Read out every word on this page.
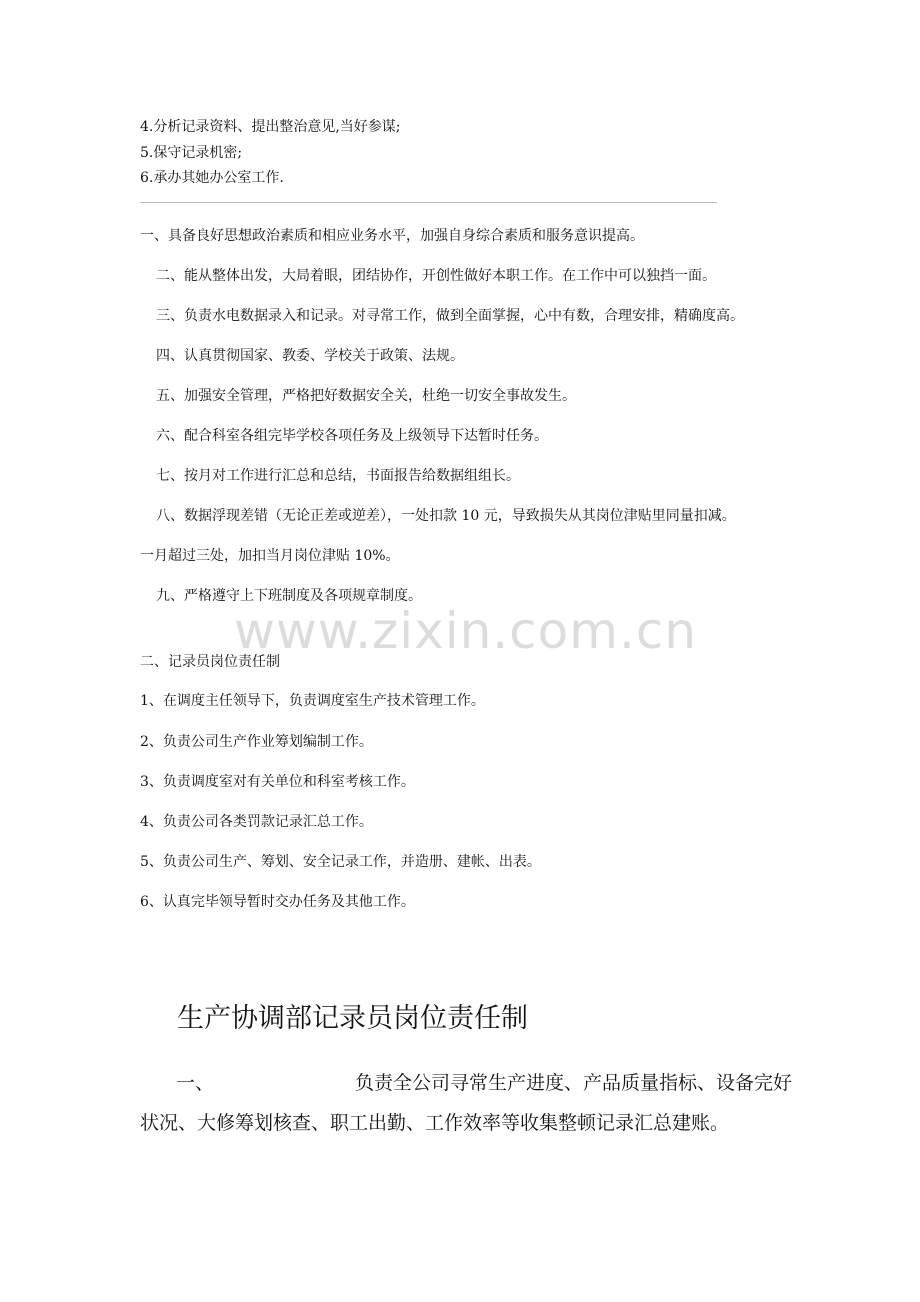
4.分析记录资料、提出整治意见,当好参谋;
5.保守记录机密;
6.承办其她办公室工作.
一、具备良好思想政治素质和相应业务水平，加强自身综合素质和服务意识提高。
二、能从整体出发，大局着眼，团结协作，开创性做好本职工作。在工作中可以独挡一面。
三、负责水电数据录入和记录。对寻常工作，做到全面掌握，心中有数，合理安排，精确度高。
四、认真贯彻国家、教委、学校关于政策、法规。
五、加强安全管理，严格把好数据安全关，杜绝一切安全事故发生。
六、配合科室各组完毕学校各项任务及上级领导下达暂时任务。
七、按月对工作进行汇总和总结，书面报告给数据组组长。
八、数据浮现差错（无论正差或逆差），一处扣款 10 元，导致损失从其岗位津贴里同量扣减。
一月超过三处，加扣当月岗位津贴 10%。
九、严格遵守上下班制度及各项规章制度。
www.zixin.com.cn
二、记录员岗位责任制
1、在调度主任领导下，负责调度室生产技术管理工作。
2、负责公司生产作业筹划编制工作。
3、负责调度室对有关单位和科室考核工作。
4、负责公司各类罚款记录汇总工作。
5、负责公司生产、筹划、安全记录工作，并造册、建帐、出表。
6、认真完毕领导暂时交办任务及其他工作。
生产协调部记录员岗位责任制
一、	负责全公司寻常生产进度、产品质量指标、设备完好
状况、大修筹划核查、职工出勤、工作效率等收集整顿记录汇总建账。
